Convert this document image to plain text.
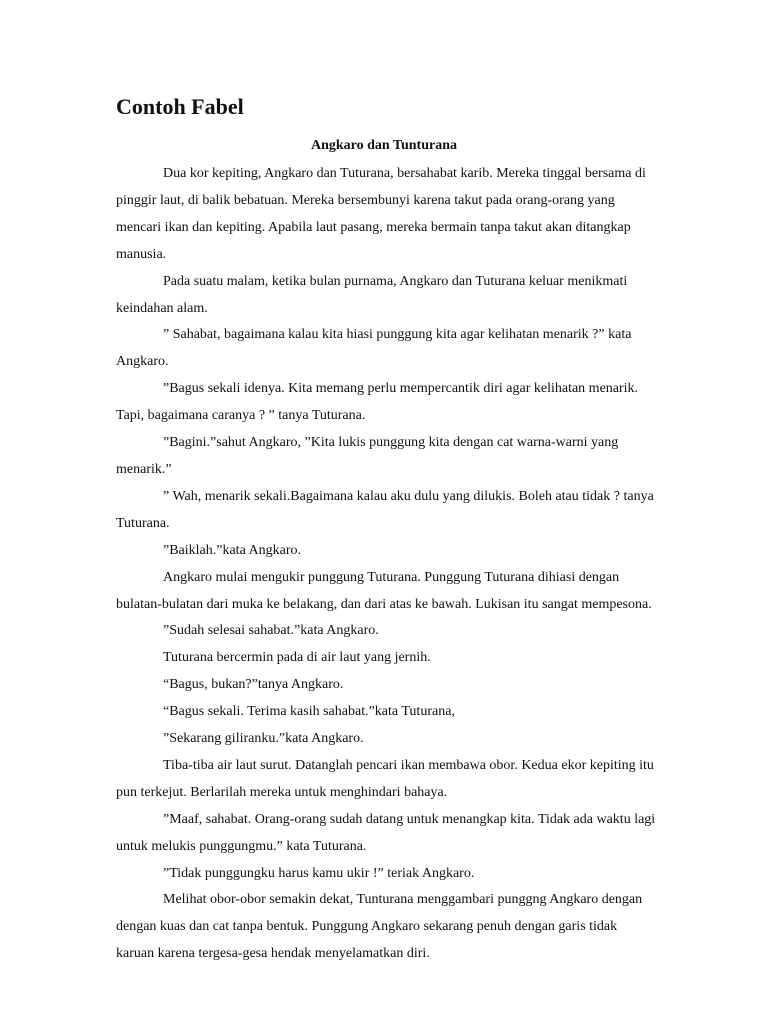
Contoh Fabel
Angkaro dan Tunturana

Dua kor kepiting, Angkaro dan Tuturana, bersahabat karib. Mereka tinggal bersama di pinggir laut, di balik bebatuan. Mereka bersembunyi karena takut pada orang-orang yang mencari ikan dan kepiting. Apabila laut pasang, mereka bermain tanpa takut akan ditangkap manusia.

Pada suatu malam, ketika bulan purnama, Angkaro dan Tuturana keluar menikmati keindahan alam.

” Sahabat, bagaimana kalau kita hiasi punggung kita agar kelihatan menarik ?” kata Angkaro.

”Bagus sekali idenya. Kita memang perlu mempercantik diri agar kelihatan menarik. Tapi, bagaimana caranya ? ” tanya Tuturana.

”Bagini.”sahut Angkaro, ”Kita lukis punggung kita dengan cat warna-warni yang menarik.”

” Wah, menarik sekali.Bagaimana kalau aku dulu yang dilukis. Boleh atau tidak ? tanya Tuturana.

”Baiklah.”kata Angkaro.

Angkaro mulai mengukir punggung Tuturana. Punggung Tuturana dihiasi dengan bulatan-bulatan dari muka ke belakang, dan dari atas ke bawah. Lukisan itu sangat mempesona.

”Sudah selesai sahabat.”kata Angkaro.

Tuturana bercermin pada di air laut yang jernih.

“Bagus, bukan?”tanya Angkaro.

“Bagus sekali. Terima kasih sahabat.”kata Tuturana,

”Sekarang giliranku.”kata Angkaro.

Tiba-tiba air laut surut. Datanglah pencari ikan membawa obor. Kedua ekor kepiting itu pun terkejut. Berlarilah mereka untuk menghindari bahaya.

”Maaf, sahabat. Orang-orang sudah datang untuk menangkap kita. Tidak ada waktu lagi untuk melukis punggungmu.” kata Tuturana.

”Tidak punggungku harus kamu ukir !” teriak Angkaro.

Melihat obor-obor semakin dekat, Tunturana menggambari punggng Angkaro dengan dengan kuas dan cat tanpa bentuk. Punggung Angkaro sekarang penuh dengan garis tidak karuan karena tergesa-gesa hendak menyelamatkan diri.
